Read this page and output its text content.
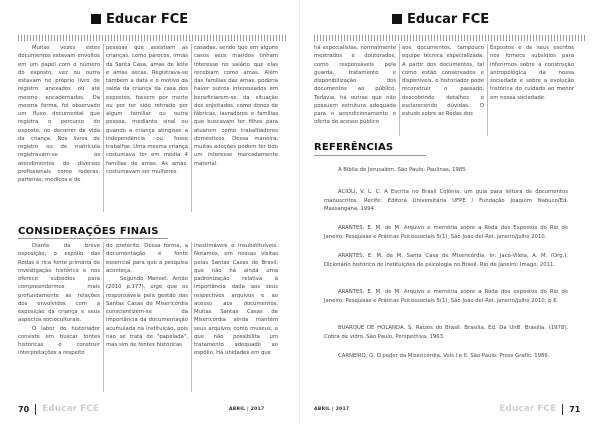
Educar FCE

Muitas vezes estes documentos estavam envoltos em um papel com o número do exposto, vez ou outra estavam no próprio livro de registro anexados ou até mesmo encadernados. Da mesma forma, foi observado um fluxo documental que registra o percurso do exposto, no decorrer da vida da criança. Nos livros de registro ou de matrícula registravam-se os atendimentos de diversos profissionais como roderas, parteiras, médicos e de

pessoas que assistiam as crianças, como párocos, irmãs da Santa Casa, amas de leite e amas secas. Registrava-se também a data e o motivo da saída da criança da casa dos expostos, fossem por morte ou por ter sido retirado por algum familiar ou outra pessoa, mediante sinal ou quando a criança atingisse a independência ou fosse trabalhar. Uma mesma criança costumava ter em média 4 famílias de amas. As amas, costumavam ser mulheres

casadas, sendo que em alguns casos seus maridos tinham interesse no salário que elas recebiam como amas. Além das famílias das amas, poderia haver outros interessados em beneficiarem-se da situação dos enjeitados, como donos de fábricas, lavradores e famílias que buscavam ter filhos para atuarem como trabalhadores domésticos. Dessa maneira, muitas adoções podem ter tido um interesse marcadamente material.

CONSIDERAÇÕES FINAIS

Diante da breve exposição, o espólio das Rodas é rica fonte primária de investigação histórica e nos oferece subsídios para compreendermos mais profundamente as relações dos envolvidos com a exposição da criança e seus aspectos socioculturais.

O labor do historiador consiste em buscar fontes históricas e construir interpretações a respeito

do pretérito. Dessa forma, a documentação é fonte essencial para que a pesquisa aconteça.

Segundo Manoel, Antão (2010 p.177), urge que os responsáveis pela gestão das Santas Casas de Misericórdia conscientizem-se da importância da documentação acumulada na instituição, pois não se trata de "papelada", mas sim de fontes históricas

inestimáveis e insubstituíveis. Notamos, em nossas visitas pelas Santas Casas do Brasil, que não há ainda uma padronização relativa à importância dada aos seus respectivos arquivos e ao acesso aos documentos. Muitas Santas Casas de Misericórdia ainda mantém seus arquivos como museus, o que não possibilita um tratamento adequado ao espólio. Há unidades em que

70 Educar FCE	ABRIL | 2017
Educar FCE

há especialistas, normalmente mestrados e doutorados, como responsáveis pela guarda, tratamento e disponibilização dos documentos ao público. Todavia, há outras que não possuem estrutura adequada para o acondicionamento e oferta de acesso público

aos documentos, tampouco equipe técnica especializada. A partir dos documentos, tal como estão conservados e disponíveis, o historiador pode reconstruir o passado, descobrindo detalhes e esclarecendo dúvidas. O estudo sobre as Rodas dos

Expostos e de seus escritos nos fornece subsídios para inferirmos sobre a construção antropológica da nossa sociedade e sobre a evolução histórica do cuidado ao menor em nossa sociedade.

REFERÊNCIAS

A Bíblia de Jerusalém. São Paulo: Paulinas, 1985.

ACIOLI, V. L. C. A Escrita no Brasil Colônia: um guia para leitura de documentos manuscritos. Recife: Editora Universitária UFPE / Fundação Joaquim Nabuco/Ed. Massangana, 1994.

ARANTES, E. M. de M. Arquivo e memória sobre a Roda dos Expostos do Rio de Janeiro. Pesquisas e Práticas Psicossociais 5(1), São João del-Rei, janeiro/julho 2010.

ARANTES, E. M. de M. Santa Casa de Misericórdia. In: Jacó-Vilela, A. M. (Org.), Dicionário histórico de instituições de psicologia no Brasil. Rio de Janeiro: Imago, 2011.

ARANTES, E. M. de M. Arquivo e memória sobre a Roda dos expostos do Rio de Janeiro. Pesquisas e Práticas Psicossociais 5(1), São João del-Rei, janeiro/julho 2010, p.6.

BUARQUE DE HOLANDA, S. Raízes do Brasil. Brasília, Ed. Da UnB: Brasília. (1978), Cobra de vidro. São Paulo, Perspectiva, 1963.

CARNEIRO, G. O poder da Misericórdia. Vols I e II. São Paulo: Press Grafic. 1986.

ABRIL | 2017	Educar FCE 71
